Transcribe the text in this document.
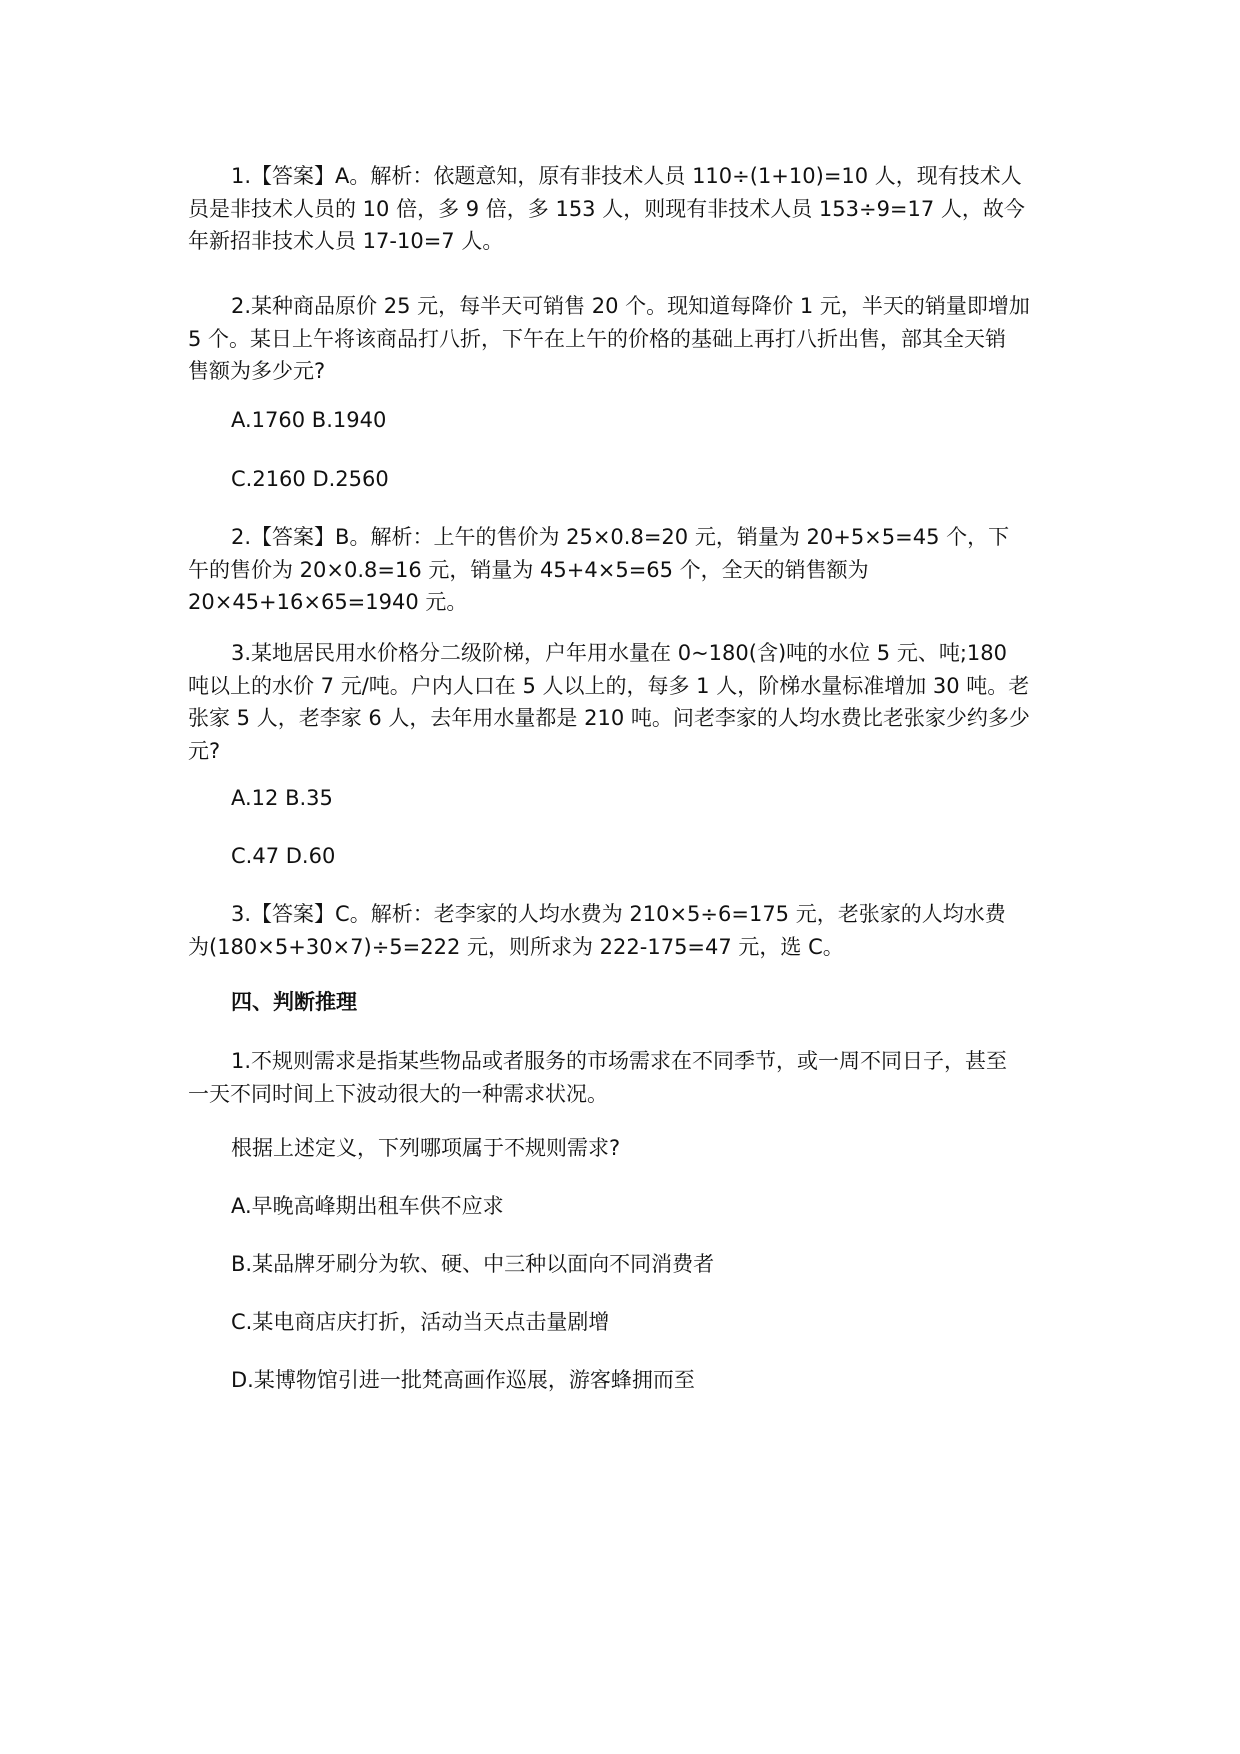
1.【答案】A。解析：依题意知，原有非技术人员 110÷(1+10)=10 人，现有技术人
员是非技术人员的 10 倍，多 9 倍，多 153 人，则现有非技术人员 153÷9=17 人，故今
年新招非技术人员 17-10=7 人。

2.某种商品原价 25 元，每半天可销售 20 个。现知道每降价 1 元，半天的销量即增加
5 个。某日上午将该商品打八折，下午在上午的价格的基础上再打八折出售，部其全天销
售额为多少元?

A.1760 B.1940

C.2160 D.2560

2.【答案】B。解析：上午的售价为 25×0.8=20 元，销量为 20+5×5=45 个，下
午的售价为 20×0.8=16 元，销量为 45+4×5=65 个，全天的销售额为
20×45+16×65=1940 元。

3.某地居民用水价格分二级阶梯，户年用水量在 0~180(含)吨的水位 5 元、吨;180
吨以上的水价 7 元/吨。户内人口在 5 人以上的，每多 1 人，阶梯水量标准增加 30 吨。老
张家 5 人，老李家 6 人，去年用水量都是 210 吨。问老李家的人均水费比老张家少约多少
元?

A.12 B.35

C.47 D.60

3.【答案】C。解析：老李家的人均水费为 210×5÷6=175 元，老张家的人均水费
为(180×5+30×7)÷5=222 元，则所求为 222-175=47 元，选 C。

四、判断推理

1.不规则需求是指某些物品或者服务的市场需求在不同季节，或一周不同日子，甚至
一天不同时间上下波动很大的一种需求状况。

根据上述定义，下列哪项属于不规则需求?

A.早晚高峰期出租车供不应求

B.某品牌牙刷分为软、硬、中三种以面向不同消费者

C.某电商店庆打折，活动当天点击量剧增

D.某博物馆引进一批梵高画作巡展，游客蜂拥而至
